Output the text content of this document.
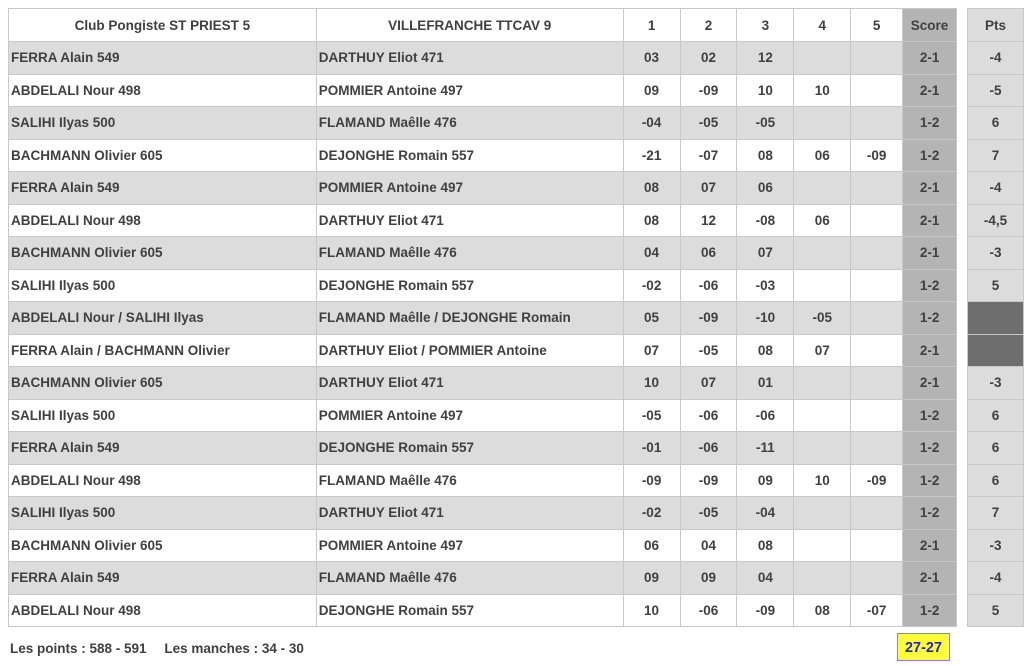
Club Pongiste ST PRIEST 5	VILLEFRANCHE TTCAV 9	1	2	3	4	5	Score		Pts
FERRA Alain 549	DARTHUY Eliot 471	03	02	12			2-1		-4
ABDELALI Nour 498	POMMIER Antoine 497	09	-09	10	10		2-1		-5
SALIHI Ilyas 500	FLAMAND Maêlle 476	-04	-05	-05			1-2		6
BACHMANN Olivier 605	DEJONGHE Romain 557	-21	-07	08	06	-09	1-2		7
FERRA Alain 549	POMMIER Antoine 497	08	07	06			2-1		-4
ABDELALI Nour 498	DARTHUY Eliot 471	08	12	-08	06		2-1		-4,5
BACHMANN Olivier 605	FLAMAND Maêlle 476	04	06	07			2-1		-3
SALIHI Ilyas 500	DEJONGHE Romain 557	-02	-06	-03			1-2		5
ABDELALI Nour / SALIHI Ilyas	FLAMAND Maêlle / DEJONGHE Romain	05	-09	-10	-05		1-2		
FERRA Alain / BACHMANN Olivier	DARTHUY Eliot / POMMIER Antoine	07	-05	08	07		2-1		
BACHMANN Olivier 605	DARTHUY Eliot 471	10	07	01			2-1		-3
SALIHI Ilyas 500	POMMIER Antoine 497	-05	-06	-06			1-2		6
FERRA Alain 549	DEJONGHE Romain 557	-01	-06	-11			1-2		6
ABDELALI Nour 498	FLAMAND Maêlle 476	-09	-09	09	10	-09	1-2		6
SALIHI Ilyas 500	DARTHUY Eliot 471	-02	-05	-04			1-2		7
BACHMANN Olivier 605	POMMIER Antoine 497	06	04	08			2-1		-3
FERRA Alain 549	FLAMAND Maêlle 476	09	09	04			2-1		-4
ABDELALI Nour 498	DEJONGHE Romain 557	10	-06	-09	08	-07	1-2		5
Les points : 588 - 591 Les manches : 34 - 30	27-27
